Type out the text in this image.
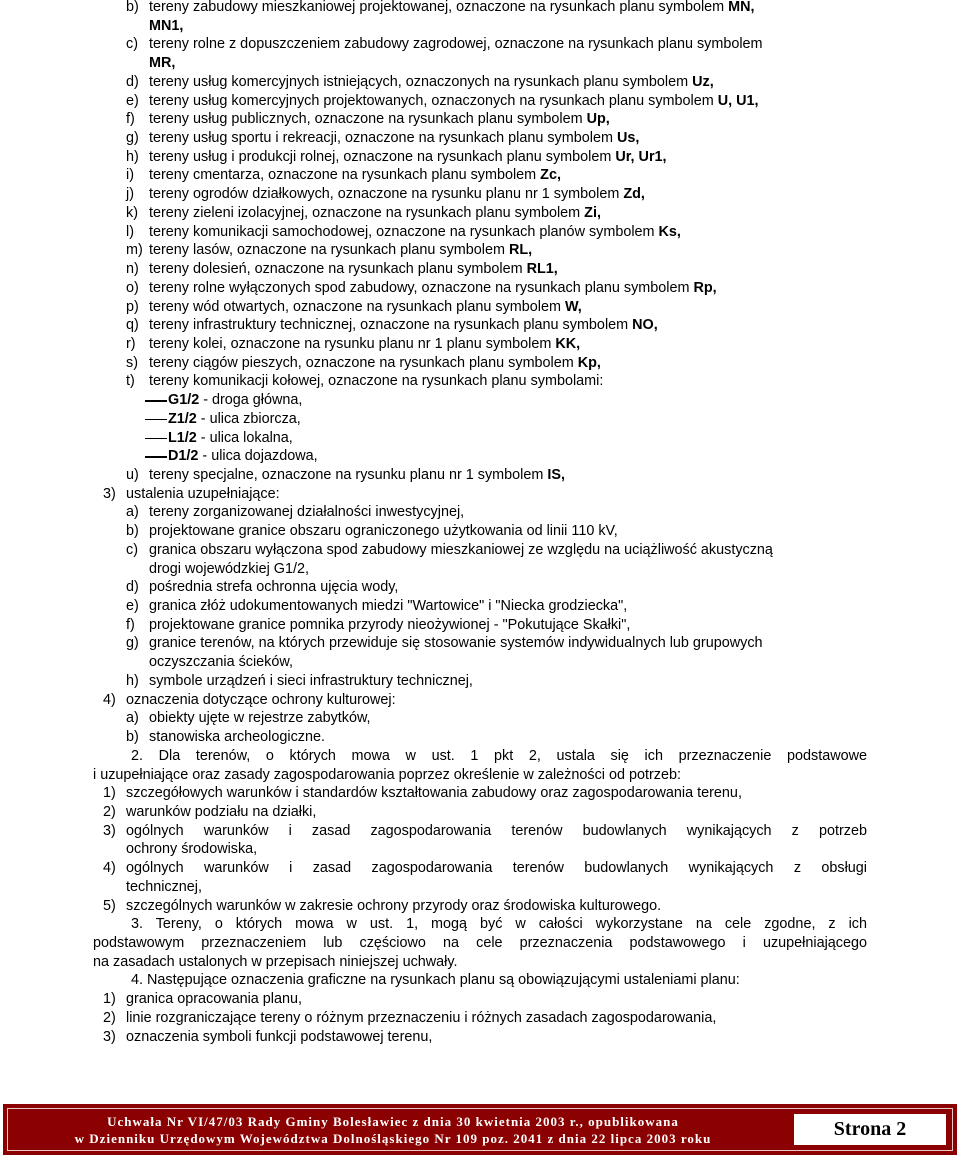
b) tereny zabudowy mieszkaniowej projektowanej, oznaczone na rysunkach planu symbolem MN,
MN1,
c) tereny rolne z dopuszczeniem zabudowy zagrodowej, oznaczone na rysunkach planu symbolem
MR,
d) tereny usług komercyjnych istniejących, oznaczonych na rysunkach planu symbolem Uz,
e) tereny usług komercyjnych projektowanych, oznaczonych na rysunkach planu symbolem U, U1,
f) tereny usług publicznych, oznaczone na rysunkach planu symbolem Up,
g) tereny usług sportu i rekreacji, oznaczone na rysunkach planu symbolem Us,
h) tereny usług i produkcji rolnej, oznaczone na rysunkach planu symbolem Ur, Ur1,
i) tereny cmentarza, oznaczone na rysunkach planu symbolem Zc,
j) tereny ogrodów działkowych, oznaczone na rysunku planu nr 1 symbolem Zd,
k) tereny zieleni izolacyjnej, oznaczone na rysunkach planu symbolem Zi,
l) tereny komunikacji samochodowej, oznaczone na rysunkach planów symbolem Ks,
m) tereny lasów, oznaczone na rysunkach planu symbolem RL,
n) tereny dolesień, oznaczone na rysunkach planu symbolem RL1,
o) tereny rolne wyłączonych spod zabudowy, oznaczone na rysunkach planu symbolem Rp,
p) tereny wód otwartych, oznaczone na rysunkach planu symbolem W,
q) tereny infrastruktury technicznej, oznaczone na rysunkach planu symbolem NO,
r) tereny kolei, oznaczone na rysunku planu nr 1 planu symbolem KK,
s) tereny ciągów pieszych, oznaczone na rysunkach planu symbolem Kp,
t) tereny komunikacji kołowej, oznaczone na rysunkach planu symbolami:
G1/2 - droga główna,
Z1/2 - ulica zbiorcza,
L1/2 - ulica lokalna,
D1/2 - ulica dojazdowa,
u) tereny specjalne, oznaczone na rysunku planu nr 1 symbolem IS,
3) ustalenia uzupełniające:
a) tereny zorganizowanej działalności inwestycyjnej,
b) projektowane granice obszaru ograniczonego użytkowania od linii 110 kV,
c) granica obszaru wyłączona spod zabudowy mieszkaniowej ze względu na uciążliwość akustyczną
drogi wojewódzkiej G1/2,
d) pośrednia strefa ochronna ujęcia wody,
e) granica złóż udokumentowanych miedzi "Wartowice" i "Niecka grodziecka",
f) projektowane granice pomnika przyrody nieożywionej - "Pokutujące Skałki",
g) granice terenów, na których przewiduje się stosowanie systemów indywidualnych lub grupowych
oczyszczania ścieków,
h) symbole urządzeń i sieci infrastruktury technicznej,
4) oznaczenia dotyczące ochrony kulturowej:
a) obiekty ujęte w rejestrze zabytków,
b) stanowiska archeologiczne.
2. Dla terenów, o których mowa w ust. 1 pkt 2, ustala się ich przeznaczenie podstawowe
i uzupełniające oraz zasady zagospodarowania poprzez określenie w zależności od potrzeb:
1) szczegółowych warunków i standardów kształtowania zabudowy oraz zagospodarowania terenu,
2) warunków podziału na działki,
3) ogólnych warunków i zasad zagospodarowania terenów budowlanych wynikających z potrzeb
ochrony środowiska,
4) ogólnych warunków i zasad zagospodarowania terenów budowlanych wynikających z obsługi
technicznej,
5) szczególnych warunków w zakresie ochrony przyrody oraz środowiska kulturowego.
3. Tereny, o których mowa w ust. 1, mogą być w całości wykorzystane na cele zgodne, z ich
podstawowym przeznaczeniem lub częściowo na cele przeznaczenia podstawowego i uzupełniającego
na zasadach ustalonych w przepisach niniejszej uchwały.
4. Następujące oznaczenia graficzne na rysunkach planu są obowiązującymi ustaleniami planu:
1) granica opracowania planu,
2) linie rozgraniczające tereny o różnym przeznaczeniu i różnych zasadach zagospodarowania,
3) oznaczenia symboli funkcji podstawowej terenu,
Uchwała Nr VI/47/03 Rady Gminy Bolesławiec z dnia 30 kwietnia 2003 r., opublikowana
w Dzienniku Urzędowym Województwa Dolnośląskiego Nr 109 poz. 2041 z dnia 22 lipca 2003 roku	Strona 2
